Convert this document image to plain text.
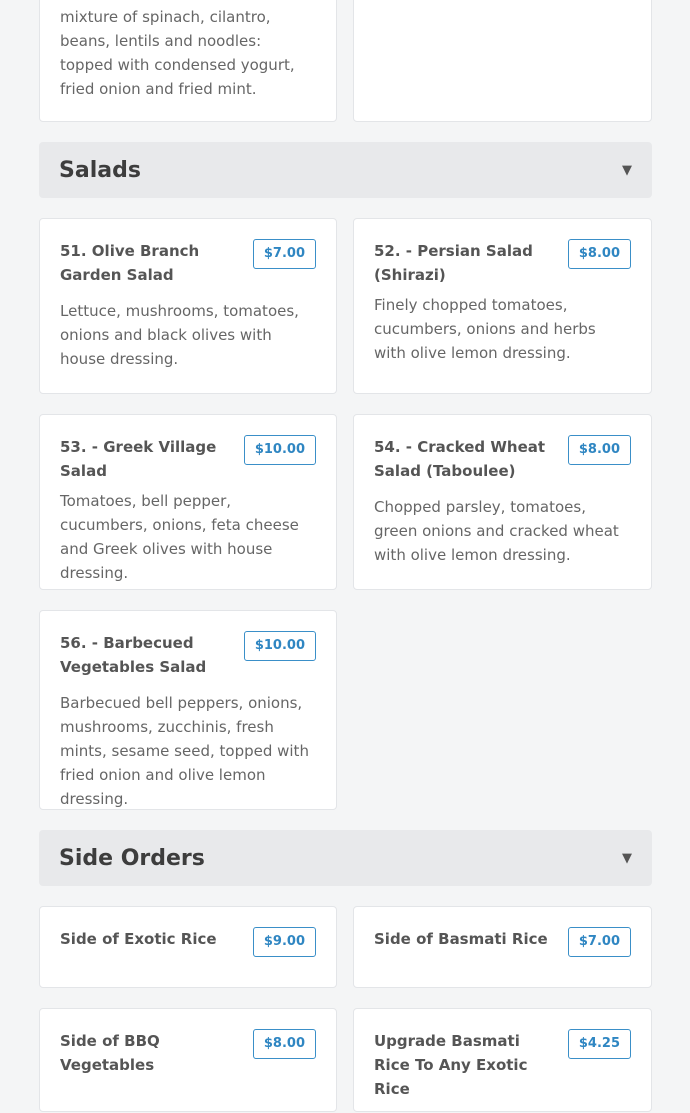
mixture of spinach, cilantro, beans, lentils and noodles: topped with condensed yogurt, fried onion and fried mint.
Salads	▼
51. Olive Branch Garden Salad
$7.00
Lettuce, mushrooms, tomatoes, onions and black olives with house dressing.
52. - Persian Salad (Shirazi)
$8.00
Finely chopped tomatoes, cucumbers, onions and herbs with olive lemon dressing.
53. - Greek Village Salad
$10.00
Tomatoes, bell pepper, cucumbers, onions, feta cheese and Greek olives with house dressing.
54. - Cracked Wheat Salad (Taboulee)
$8.00
Chopped parsley, tomatoes, green onions and cracked wheat with olive lemon dressing.
56. - Barbecued Vegetables Salad
$10.00
Barbecued bell peppers, onions, mushrooms, zucchinis, fresh mints, sesame seed, topped with fried onion and olive lemon dressing.
Side Orders	▼
Side of Exotic Rice	$9.00	Side of Basmati Rice	$7.00
Side of BBQ Vegetables
$8.00	Upgrade Basmati Rice To Any Exotic Rice
$4.25
